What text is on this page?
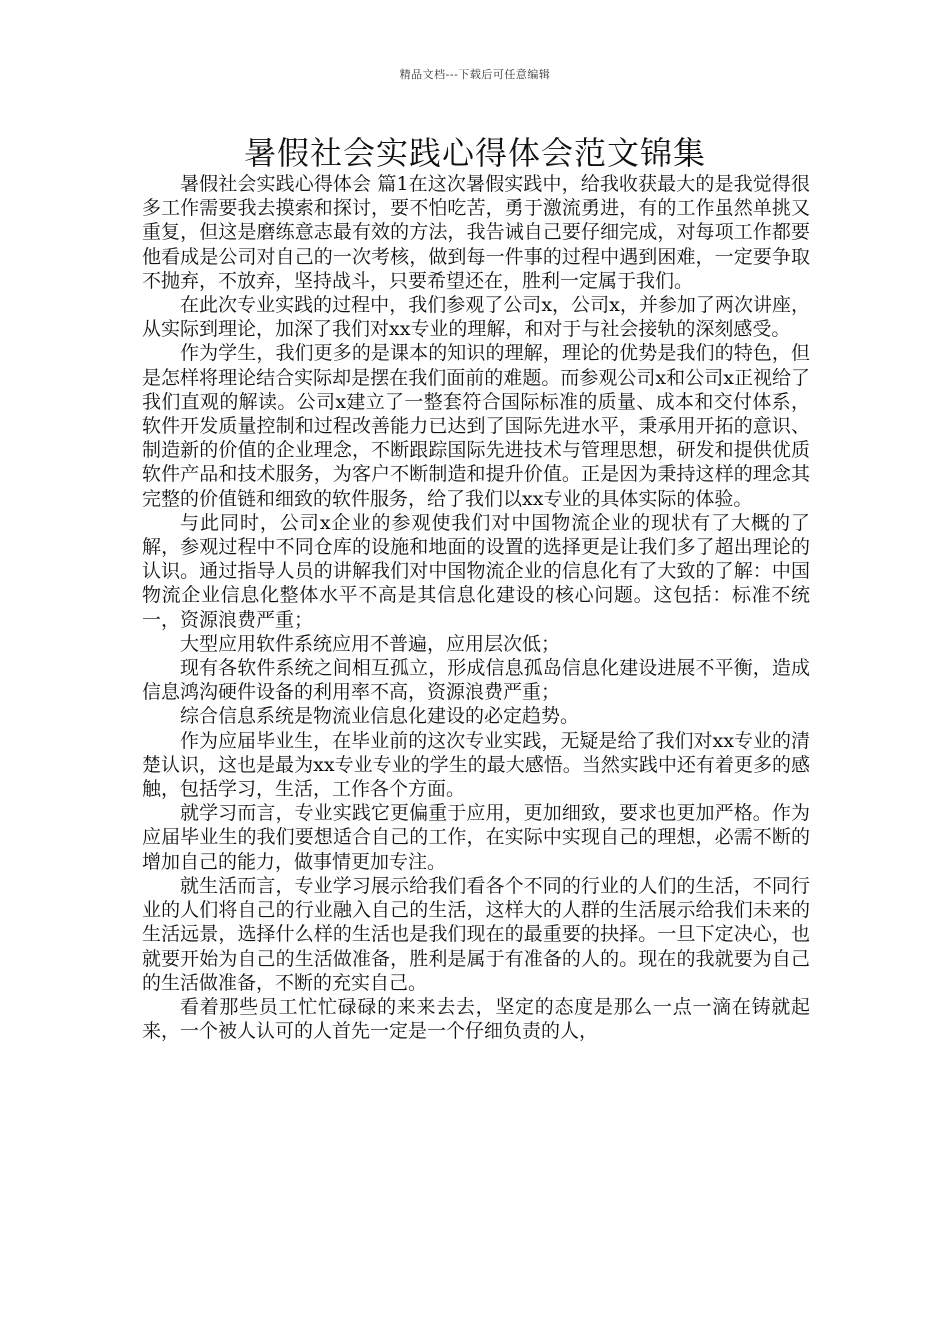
精品文档---下载后可任意编辑
暑假社会实践心得体会范文锦集

暑假社会实践心得体会 篇1在这次暑假实践中，给我收获最大的是我觉得很多工作需要我去摸索和探讨，要不怕吃苦，勇于激流勇进，有的工作虽然单挑又重复，但这是磨练意志最有效的方法，我告诫自己要仔细完成，对每项工作都要他看成是公司对自己的一次考核，做到每一件事的过程中遇到困难，一定要争取不抛弃，不放弃，坚持战斗，只要希望还在，胜利一定属于我们。

在此次专业实践的过程中，我们参观了公司x，公司x，并参加了两次讲座，从实际到理论，加深了我们对xx专业的理解，和对于与社会接轨的深刻感受。

作为学生，我们更多的是课本的知识的理解，理论的优势是我们的特色，但是怎样将理论结合实际却是摆在我们面前的难题。而参观公司x和公司x正视给了我们直观的解读。公司x建立了一整套符合国际标准的质量、成本和交付体系，软件开发质量控制和过程改善能力已达到了国际先进水平，秉承用开拓的意识、制造新的价值的企业理念，不断跟踪国际先进技术与管理思想，研发和提供优质软件产品和技术服务，为客户不断制造和提升价值。正是因为秉持这样的理念其完整的价值链和细致的软件服务，给了我们以xx专业的具体实际的体验。

与此同时，公司x企业的参观使我们对中国物流企业的现状有了大概的了解，参观过程中不同仓库的设施和地面的设置的选择更是让我们多了超出理论的认识。通过指导人员的讲解我们对中国物流企业的信息化有了大致的了解：中国物流企业信息化整体水平不高是其信息化建设的核心问题。这包括：标准不统一，资源浪费严重；

大型应用软件系统应用不普遍，应用层次低；

现有各软件系统之间相互孤立，形成信息孤岛信息化建设进展不平衡，造成信息鸿沟硬件设备的利用率不高，资源浪费严重；

综合信息系统是物流业信息化建设的必定趋势。

作为应届毕业生，在毕业前的这次专业实践，无疑是给了我们对xx专业的清楚认识，这也是最为xx专业专业的学生的最大感悟。当然实践中还有着更多的感触，包括学习，生活，工作各个方面。

就学习而言，专业实践它更偏重于应用，更加细致，要求也更加严格。作为应届毕业生的我们要想适合自己的工作，在实际中实现自己的理想，必需不断的增加自己的能力，做事情更加专注。

就生活而言，专业学习展示给我们看各个不同的行业的人们的生活，不同行业的人们将自己的行业融入自己的生活，这样大的人群的生活展示给我们未来的生活远景，选择什么样的生活也是我们现在的最重要的抉择。一旦下定决心，也就要开始为自己的生活做准备，胜利是属于有准备的人的。现在的我就要为自己的生活做准备，不断的充实自己。

看着那些员工忙忙碌碌的来来去去，坚定的态度是那么一点一滴在铸就起来，一个被人认可的人首先一定是一个仔细负责的人，
